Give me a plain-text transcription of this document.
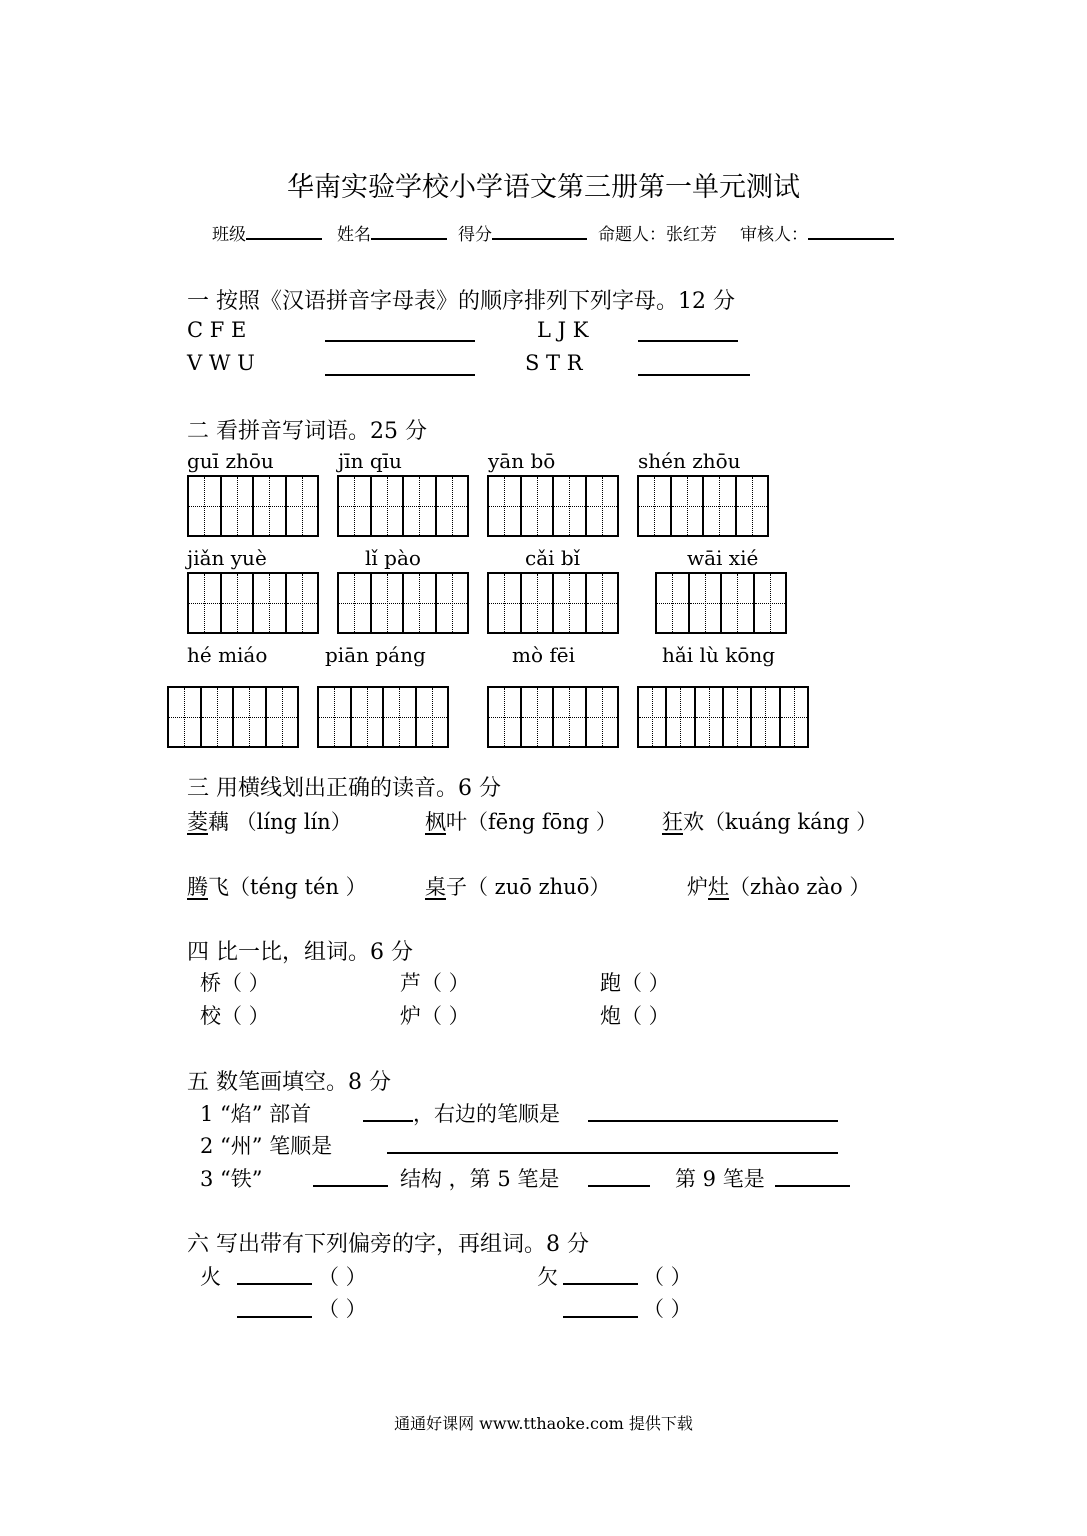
华南实验学校小学语文第三册第一单元测试
班级	姓名	得分	命题人：张红芳 审核人：
一 按照《汉语拼音字母表》的顺序排列下列字母。12 分
C F E	L J K
V W U	S T R
二 看拼音写词语。25 分
guī zhōu	jīn qīu	yān bō	shén zhōu
jiǎn yuè	lǐ pào	cǎi bǐ	wāi xié
hé miáo	piān páng	mò fēi	hǎi lù kōng
三 用横线划出正确的读音。6 分
菱藕 （líng lín）	枫叶（fēng fōng ） 狂欢（kuáng káng ）
腾飞（téng tén ）	桌子（ zuō zhuō）	炉灶（zhào zào ）
四 比一比，组词。6 分
桥（ ）	芦（ ）	跑（ ）
校（ ）	炉（ ）	炮（ ）
五 数笔画填空。8 分
1 “焰” 部首	，右边的笔顺是
2 “州” 笔顺是
3 “铁”	结构 ，第 5 笔是	第 9 笔是
六 写出带有下列偏旁的字，再组词。8 分
火	（ ）	欠	（ ）
（ ）	（ ）
通通好课网 www.tthaoke.com 提供下载
